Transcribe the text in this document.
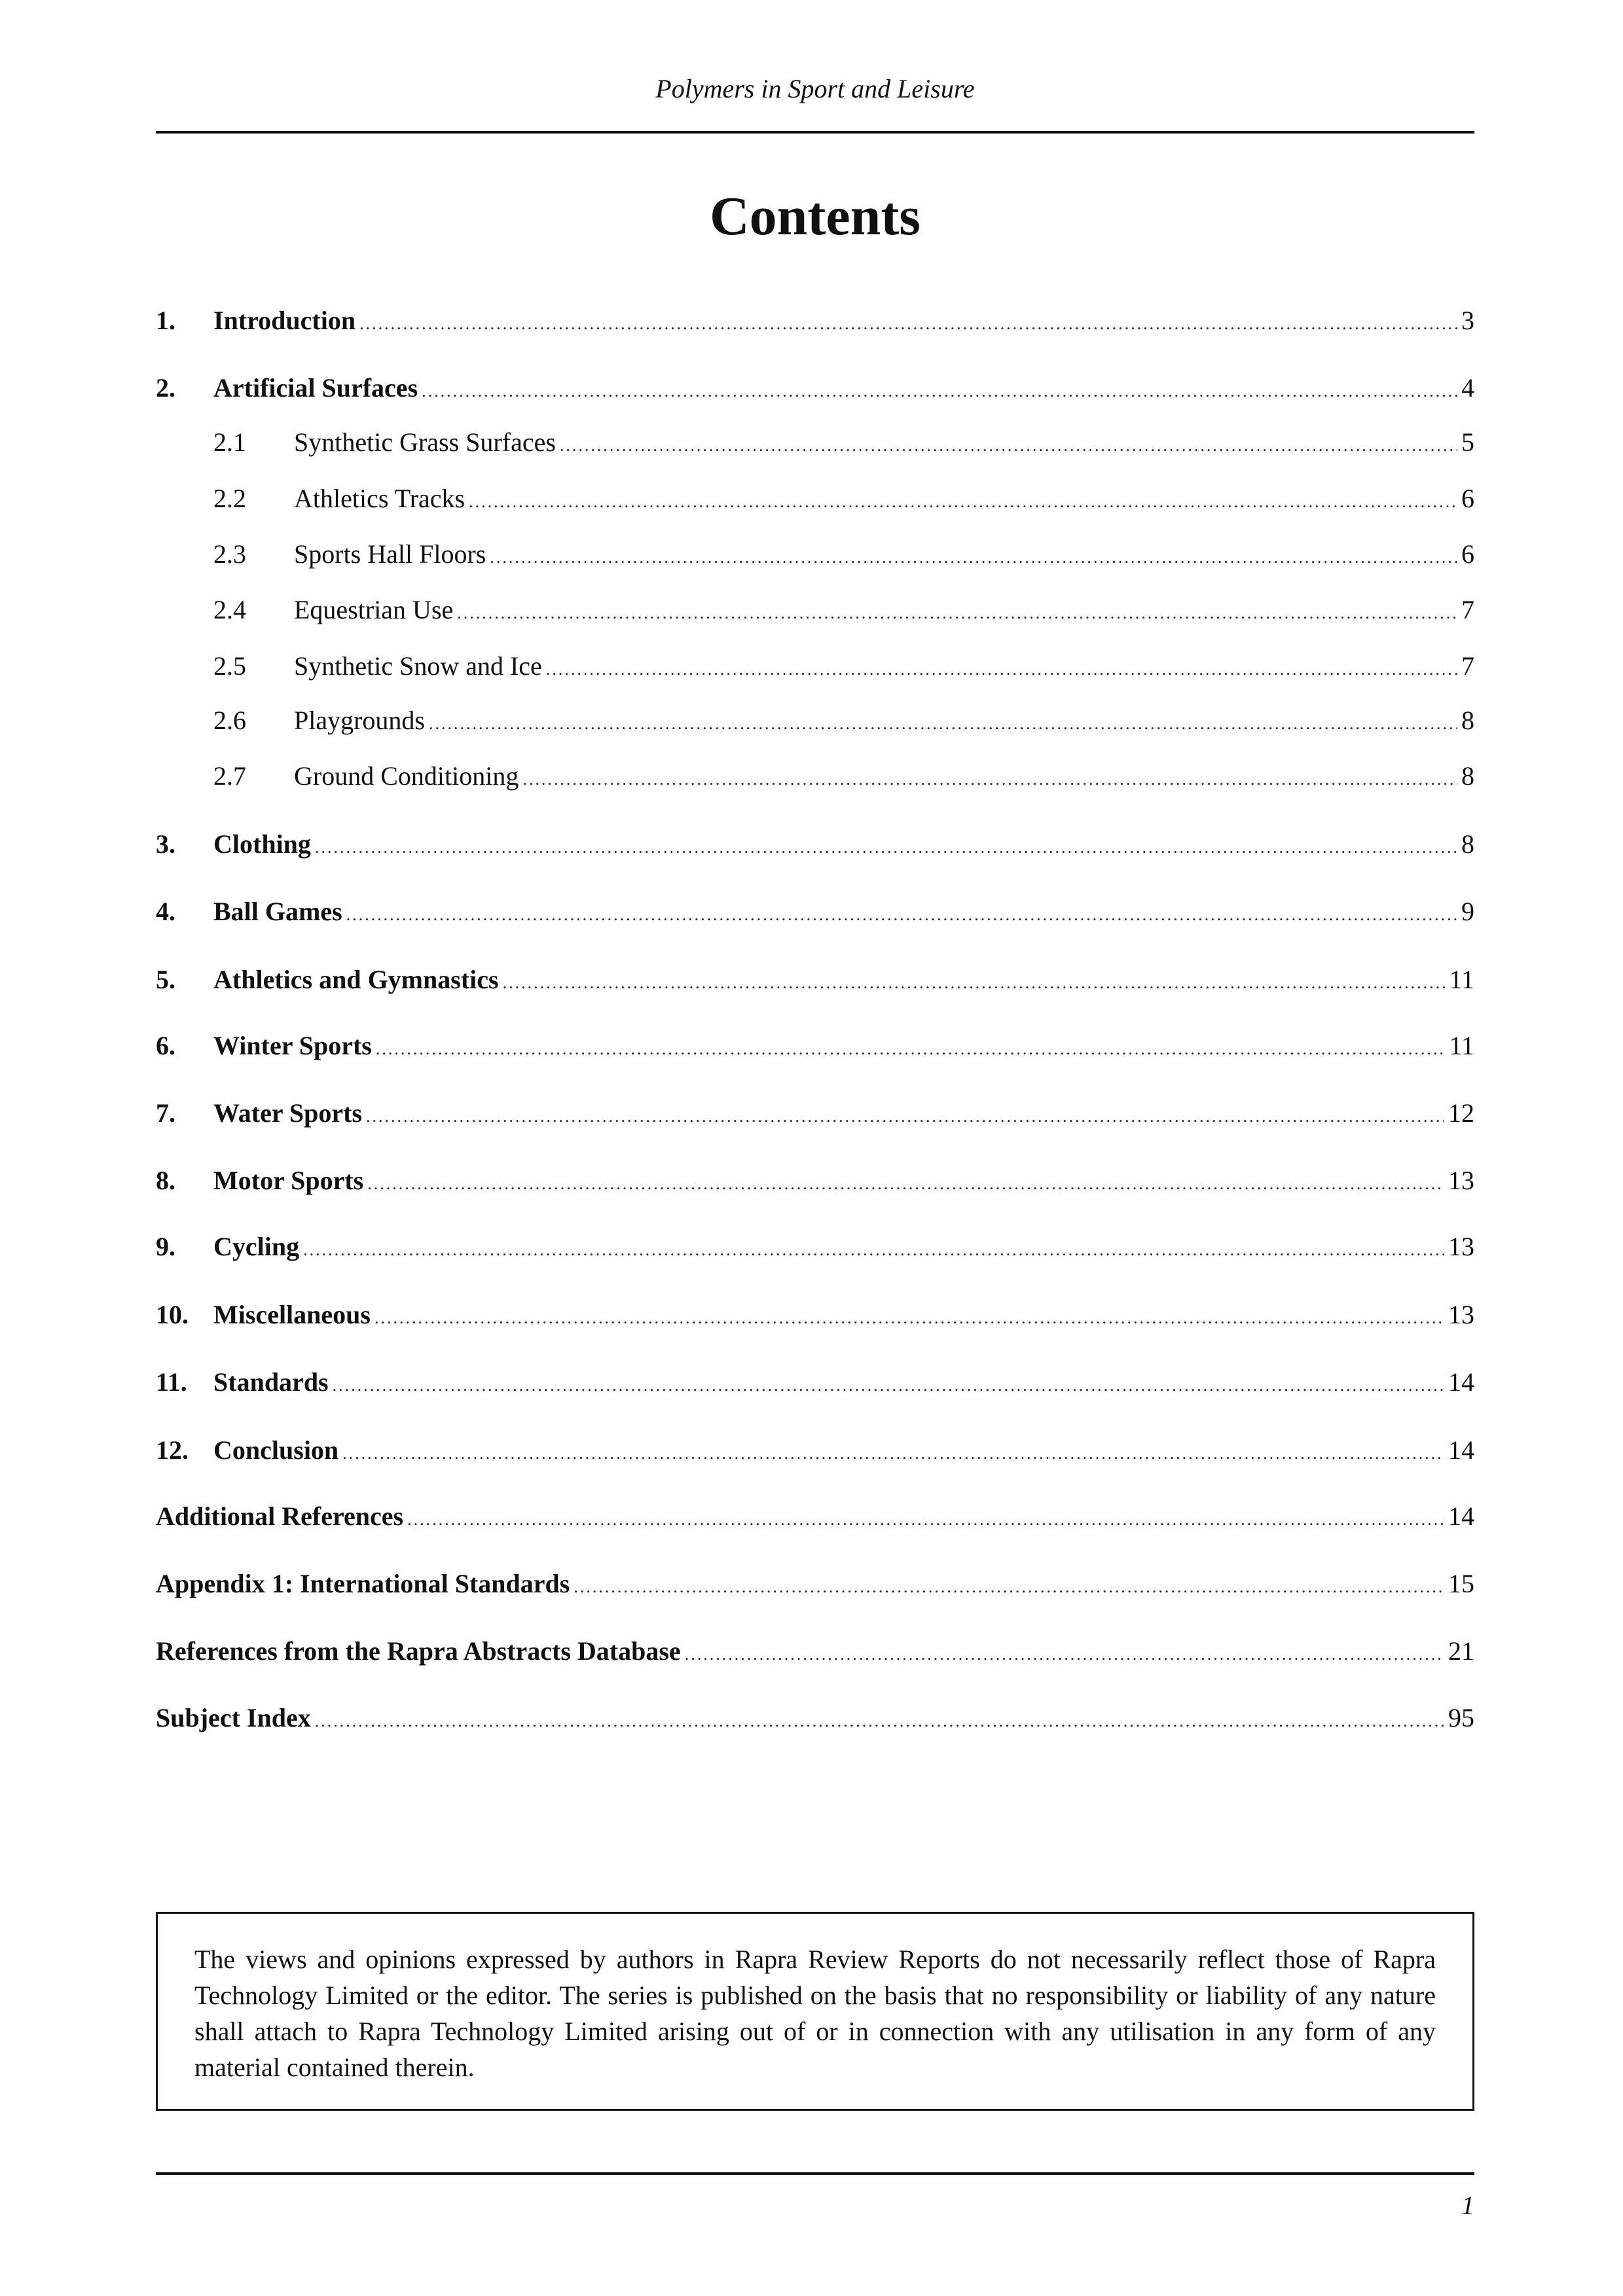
Polymers in Sport and Leisure
Contents
1.	Introduction .....	3
2.	Artificial Surfaces .....	4
2.1	Synthetic Grass Surfaces .....	5
2.2	Athletics Tracks .....	6
2.3	Sports Hall Floors .....	6
2.4	Equestrian Use .....	7
2.5	Synthetic Snow and Ice .....	7
2.6	Playgrounds .....	8
2.7	Ground Conditioning .....	8
3.	Clothing .....	8
4.	Ball Games .....	9
5.	Athletics and Gymnastics .....	11
6.	Winter Sports .....	11
7.	Water Sports .....	12
8.	Motor Sports .....	13
9.	Cycling .....	13
10. Miscellaneous .....	13
11.	Standards .....	14
12. Conclusion .....	14
Additional References .....	14
Appendix 1: International Standards .....	15
References from the Rapra Abstracts Database .....	21
Subject Index .....	95

The views and opinions expressed by authors in Rapra Review Reports do not necessarily reflect those of Rapra Technology Limited or the editor. The series is published on the basis that no responsibility or liability of any nature shall attach to Rapra Technology Limited arising out of or in connection with any utilisation in any form of any material contained therein.

1
